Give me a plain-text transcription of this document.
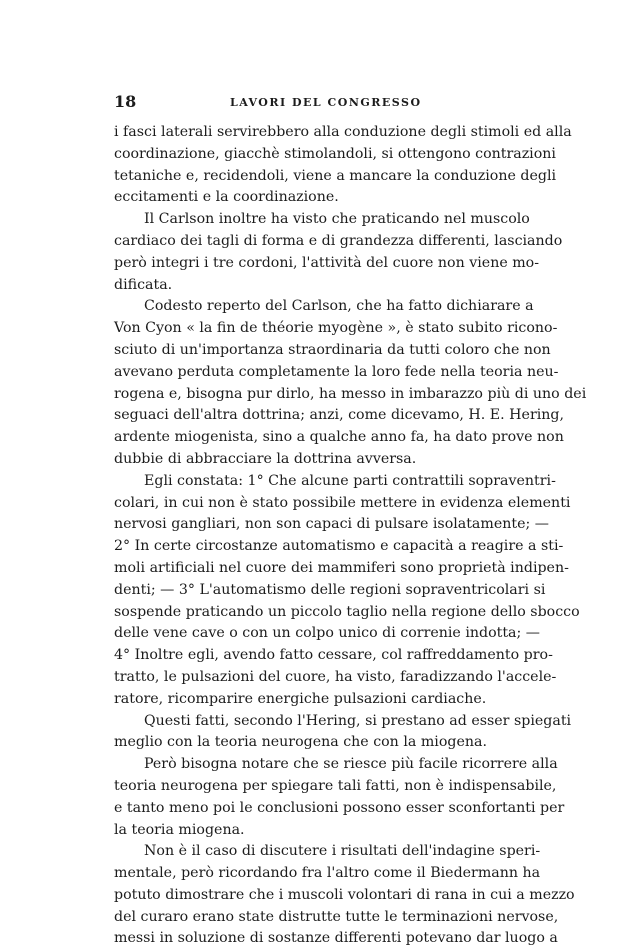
18	LAVORI DEL CONGRESSO
i fasci laterali servirebbero alla conduzione degli stimoli ed alla
coordinazione, giacchè stimolandoli, si ottengono contrazioni
tetaniche e, recidendoli, viene a mancare la conduzione degli
eccitamenti e la coordinazione.
Il Carlson inoltre ha visto che praticando nel muscolo
cardiaco dei tagli di forma e di grandezza differenti, lasciando
però integri i tre cordoni, l'attività del cuore non viene mo-
dificata.
Codesto reperto del Carlson, che ha fatto dichiarare a
Von Cyon « la fin de théorie myogène », è stato subito ricono-
sciuto di un'importanza straordinaria da tutti coloro che non
avevano perduta completamente la loro fede nella teoria neu-
rogena e, bisogna pur dirlo, ha messo in imbarazzo più di uno dei
seguaci dell'altra dottrina; anzi, come dicevamo, H. E. Hering,
ardente miogenista, sino a qualche anno fa, ha dato prove non
dubbie di abbracciare la dottrina avversa.
Egli constata: 1° Che alcune parti contrattili sopraventri-
colari, in cui non è stato possibile mettere in evidenza elementi
nervosi gangliari, non son capaci di pulsare isolatamente; —
2° In certe circostanze automatismo e capacità a reagire a sti-
moli artificiali nel cuore dei mammiferi sono proprietà indipen-
denti; — 3° L'automatismo delle regioni sopraventricolari si
sospende praticando un piccolo taglio nella regione dello sbocco
delle vene cave o con un colpo unico di correnie indotta; —
4° Inoltre egli, avendo fatto cessare, col raffreddamento pro-
tratto, le pulsazioni del cuore, ha visto, faradizzando l'accele-
ratore, ricomparire energiche pulsazioni cardiache.
Questi fatti, secondo l'Hering, si prestano ad esser spiegati
meglio con la teoria neurogena che con la miogena.
Però bisogna notare che se riesce più facile ricorrere alla
teoria neurogena per spiegare tali fatti, non è indispensabile,
e tanto meno poi le conclusioni possono esser sconfortanti per
la teoria miogena.
Non è il caso di discutere i risultati dell'indagine speri-
mentale, però ricordando fra l'altro come il Biedermann ha
potuto dimostrare che i muscoli volontari di rana in cui a mezzo
del curaro erano state distrutte tutte le terminazioni nervose,
messi in soluzione di sostanze differenti potevano dar luogo a
